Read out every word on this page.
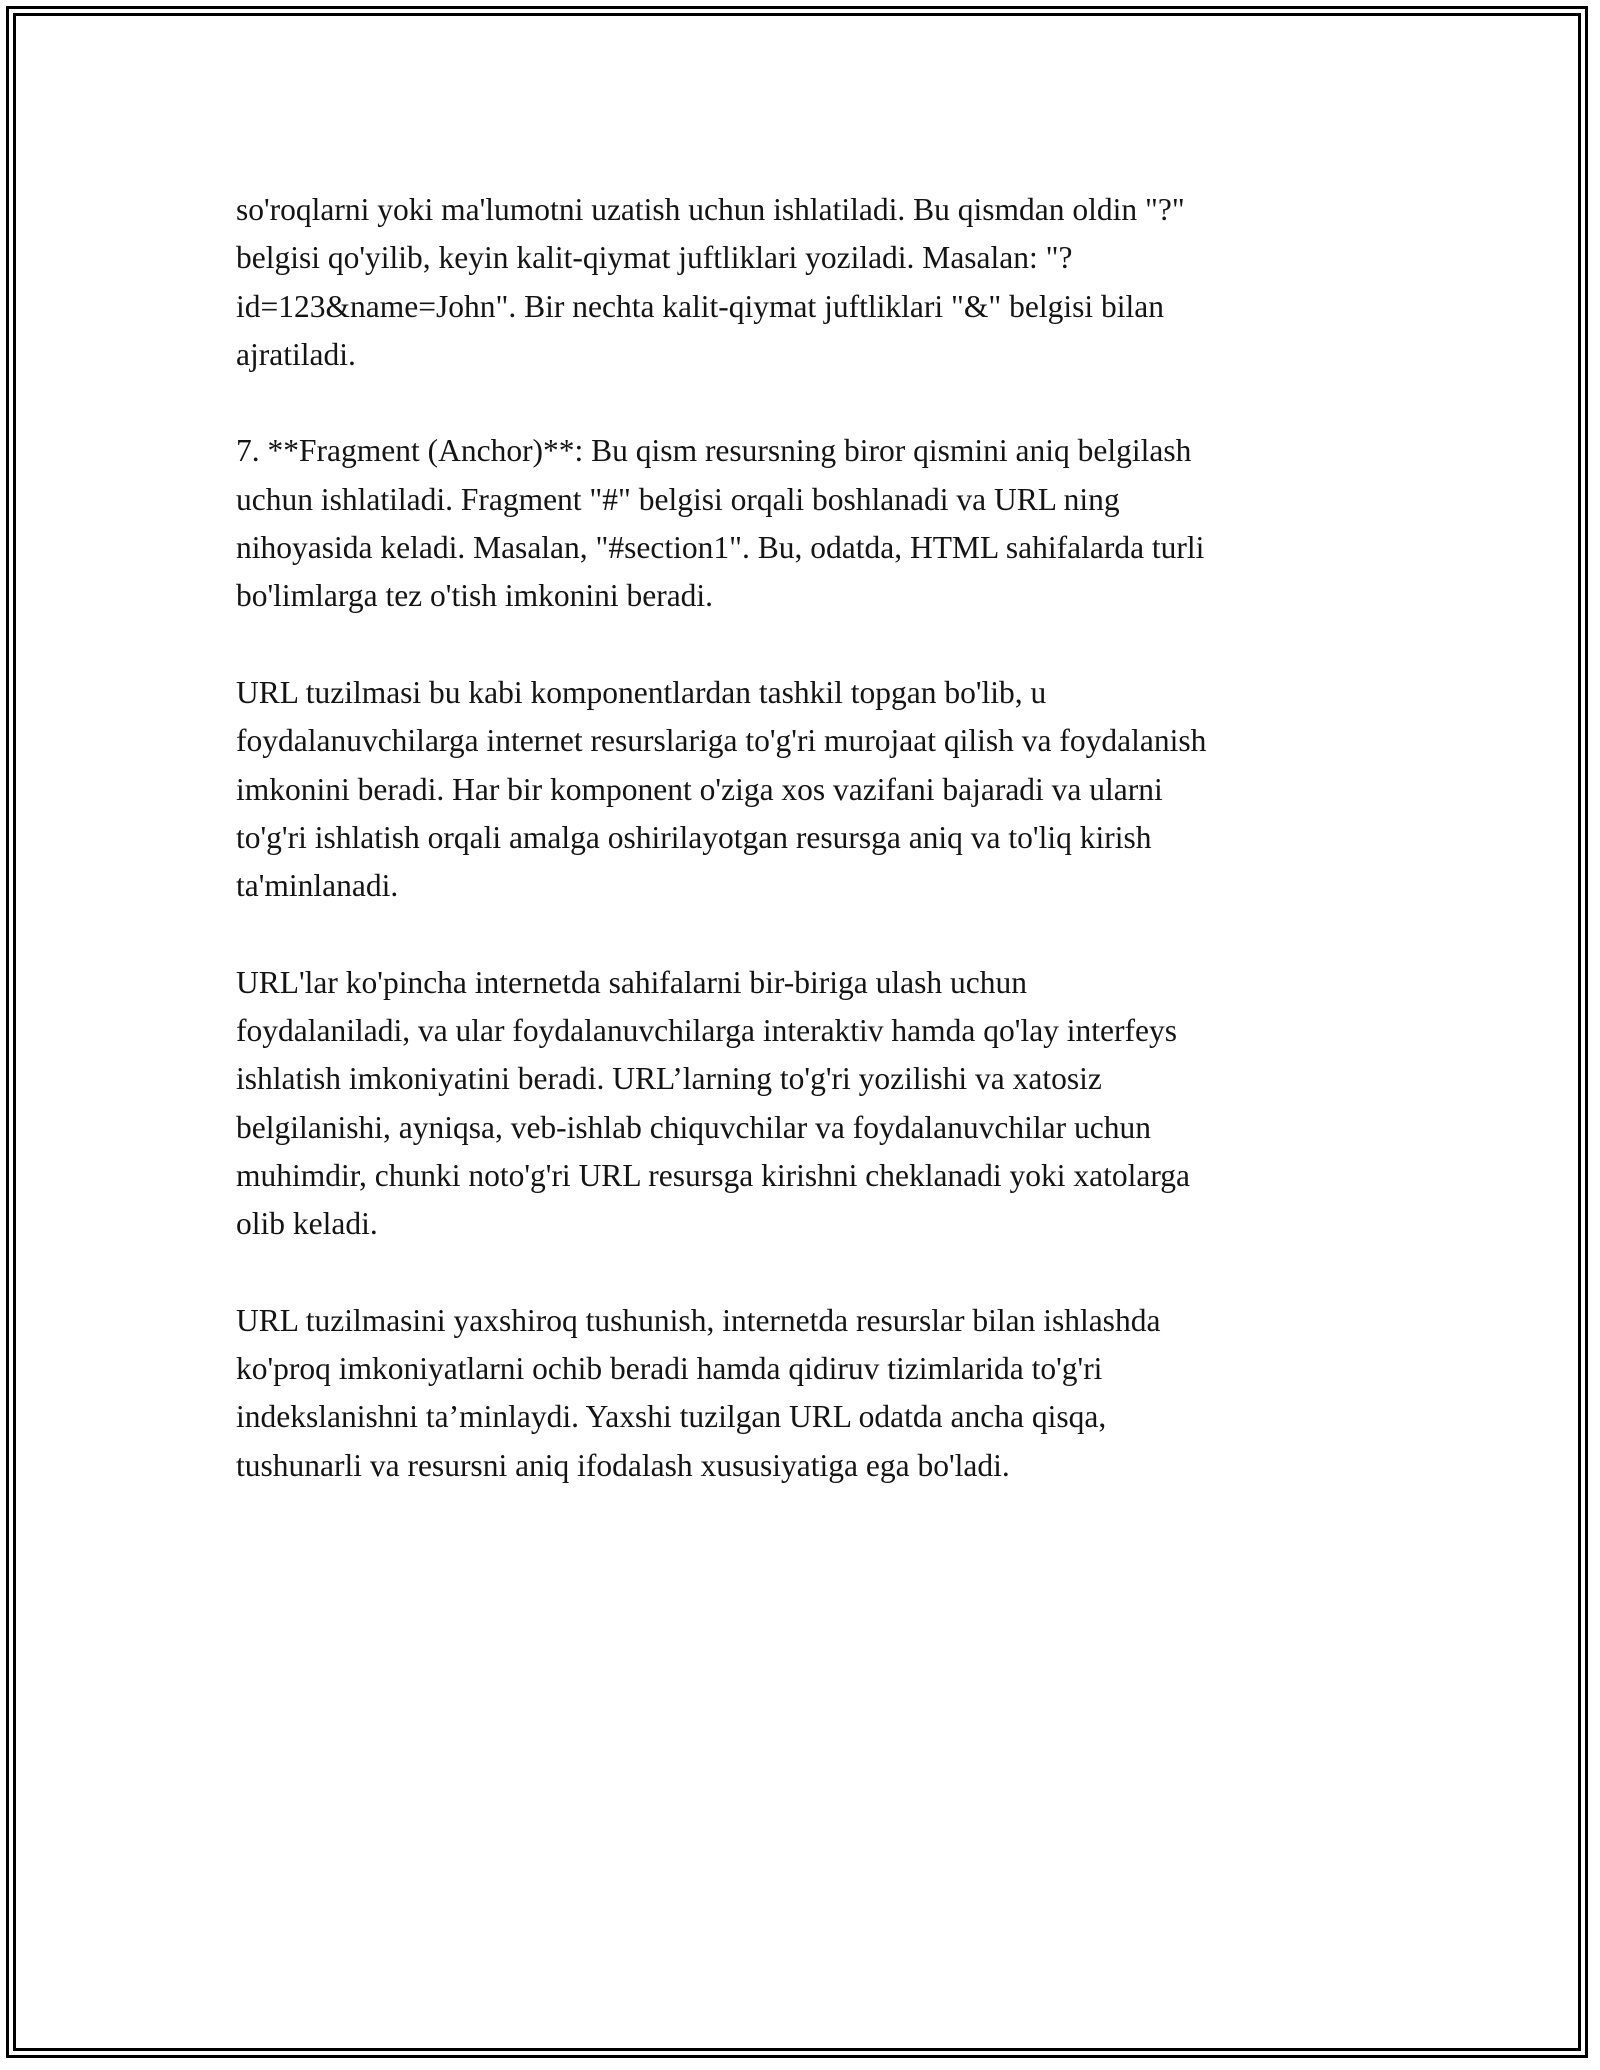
so'roqlarni yoki ma'lumotni uzatish uchun ishlatiladi. Bu qismdan oldin "?"
belgisi qo'yilib, keyin kalit-qiymat juftliklari yoziladi. Masalan: "?
id=123&name=John". Bir nechta kalit-qiymat juftliklari "&" belgisi bilan
ajratiladi.

7. **Fragment (Anchor)**: Bu qism resursning biror qismini aniq belgilash
uchun ishlatiladi. Fragment "#" belgisi orqali boshlanadi va URL ning
nihoyasida keladi. Masalan, "#section1". Bu, odatda, HTML sahifalarda turli
bo'limlarga tez o'tish imkonini beradi.

URL tuzilmasi bu kabi komponentlardan tashkil topgan bo'lib, u
foydalanuvchilarga internet resurslariga to'g'ri murojaat qilish va foydalanish
imkonini beradi. Har bir komponent o'ziga xos vazifani bajaradi va ularni
to'g'ri ishlatish orqali amalga oshirilayotgan resursga aniq va to'liq kirish
ta'minlanadi.

URL'lar ko'pincha internetda sahifalarni bir-biriga ulash uchun
foydalaniladi, va ular foydalanuvchilarga interaktiv hamda qo'lay interfeys
ishlatish imkoniyatini beradi. URL’larning to'g'ri yozilishi va xatosiz
belgilanishi, ayniqsa, veb-ishlab chiquvchilar va foydalanuvchilar uchun
muhimdir, chunki noto'g'ri URL resursga kirishni cheklanadi yoki xatolarga
olib keladi.

URL tuzilmasini yaxshiroq tushunish, internetda resurslar bilan ishlashda
ko'proq imkoniyatlarni ochib beradi hamda qidiruv tizimlarida to'g'ri
indekslanishni ta’minlaydi. Yaxshi tuzilgan URL odatda ancha qisqa,
tushunarli va resursni aniq ifodalash xususiyatiga ega bo'ladi.
